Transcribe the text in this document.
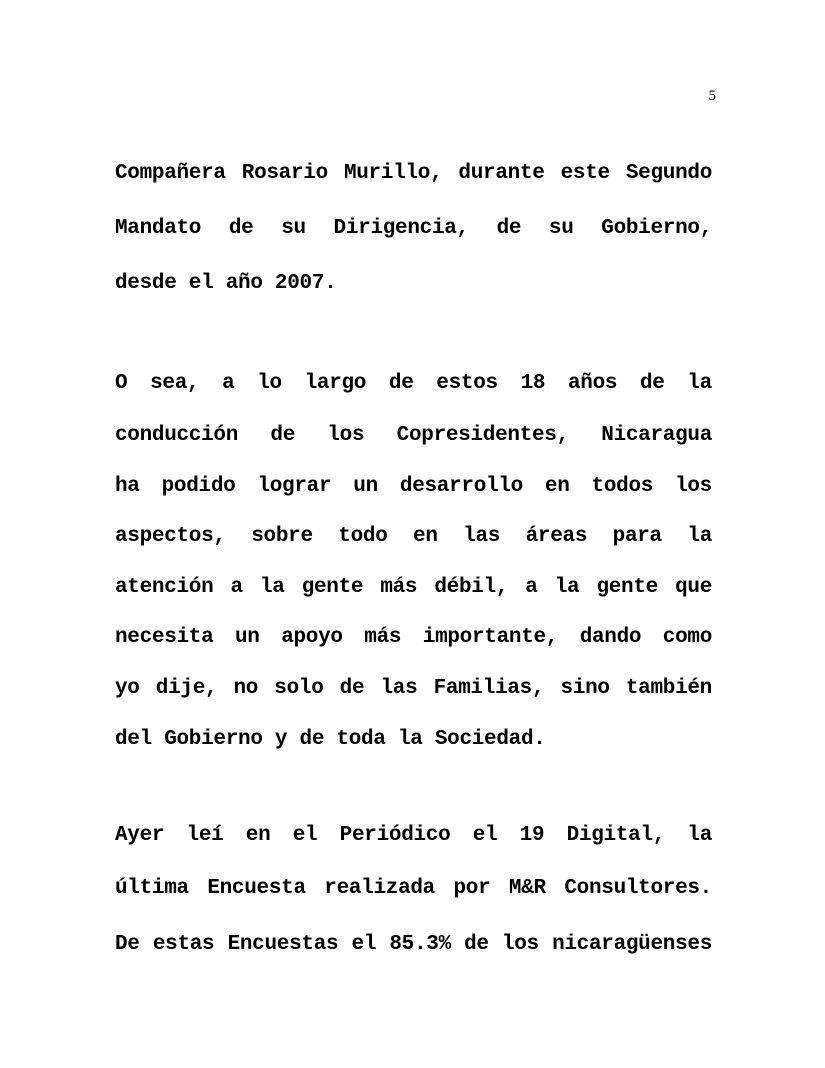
5
Compañera Rosario Murillo, durante este Segundo
Mandato de su Dirigencia, de su Gobierno,
desde el año 2007.
O sea, a lo largo de estos 18 años de la
conducción de los Copresidentes, Nicaragua
ha podido lograr un desarrollo en todos los
aspectos, sobre todo en las áreas para la
atención a la gente más débil, a la gente que
necesita un apoyo más importante, dando como
yo dije, no solo de las Familias, sino también
del Gobierno y de toda la Sociedad.
Ayer leí en el Periódico el 19 Digital, la
última Encuesta realizada por M&R Consultores.
De estas Encuestas el 85.3% de los nicaragüenses
